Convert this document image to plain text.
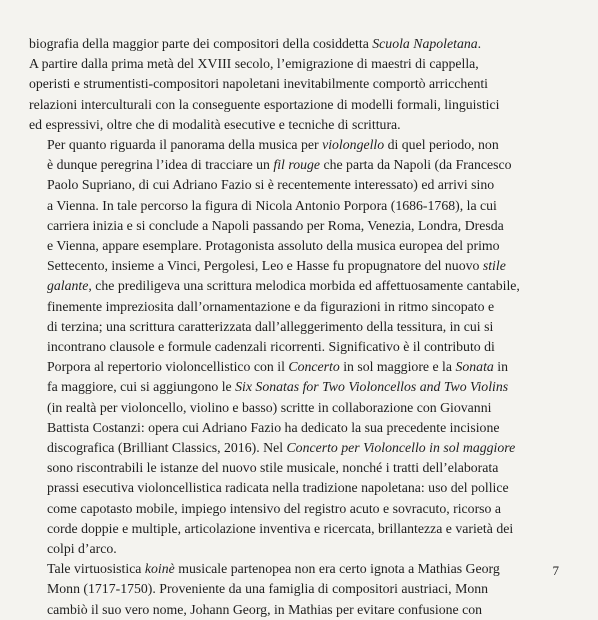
biografia della maggior parte dei compositori della cosiddetta Scuola Napoletana.
A partire dalla prima metà del XVIII secolo, l’emigrazione di maestri di cappella,
operisti e strumentisti-compositori napoletani inevitabilmente comportò arricchenti
relazioni interculturali con la conseguente esportazione di modelli formali, linguistici
ed espressivi, oltre che di modalità esecutive e tecniche di scrittura.

Per quanto riguarda il panorama della musica per violongello di quel periodo, non
è dunque peregrina l’idea di tracciare un fil rouge che parta da Napoli (da Francesco
Paolo Supriano, di cui Adriano Fazio si è recentemente interessato) ed arrivi sino
a Vienna. In tale percorso la figura di Nicola Antonio Porpora (1686-1768), la cui
carriera inizia e si conclude a Napoli passando per Roma, Venezia, Londra, Dresda
e Vienna, appare esemplare. Protagonista assoluto della musica europea del primo
Settecento, insieme a Vinci, Pergolesi, Leo e Hasse fu propugnatore del nuovo stile
galante, che prediligeva una scrittura melodica morbida ed affettuosamente cantabile,
finemente impreziosita dall’ornamentazione e da figurazioni in ritmo sincopato e
di terzina; una scrittura caratterizzata dall’alleggerimento della tessitura, in cui si
incontrano clausole e formule cadenzali ricorrenti. Significativo è il contributo di
Porpora al repertorio violoncellistico con il Concerto in sol maggiore e la Sonata in
fa maggiore, cui si aggiungono le Six Sonatas for Two Violoncellos and Two Violins
(in realtà per violoncello, violino e basso) scritte in collaborazione con Giovanni
Battista Costanzi: opera cui Adriano Fazio ha dedicato la sua precedente incisione
discografica (Brilliant Classics, 2016). Nel Concerto per Violoncello in sol maggiore
sono riscontrabili le istanze del nuovo stile musicale, nonché i tratti dell’elaborata
prassi esecutiva violoncellistica radicata nella tradizione napoletana: uso del pollice
come capotasto mobile, impiego intensivo del registro acuto e sovracuto, ricorso a
corde doppie e multiple, articolazione inventiva e ricercata, brillantezza e varietà dei
colpi d’arco.

Tale virtuosistica koinè musicale partenopea non era certo ignota a Mathias Georg
Monn (1717-1750). Proveniente da una famiglia di compositori austriaci, Monn
cambiò il suo vero nome, Johann Georg, in Mathias per evitare confusione con

7
